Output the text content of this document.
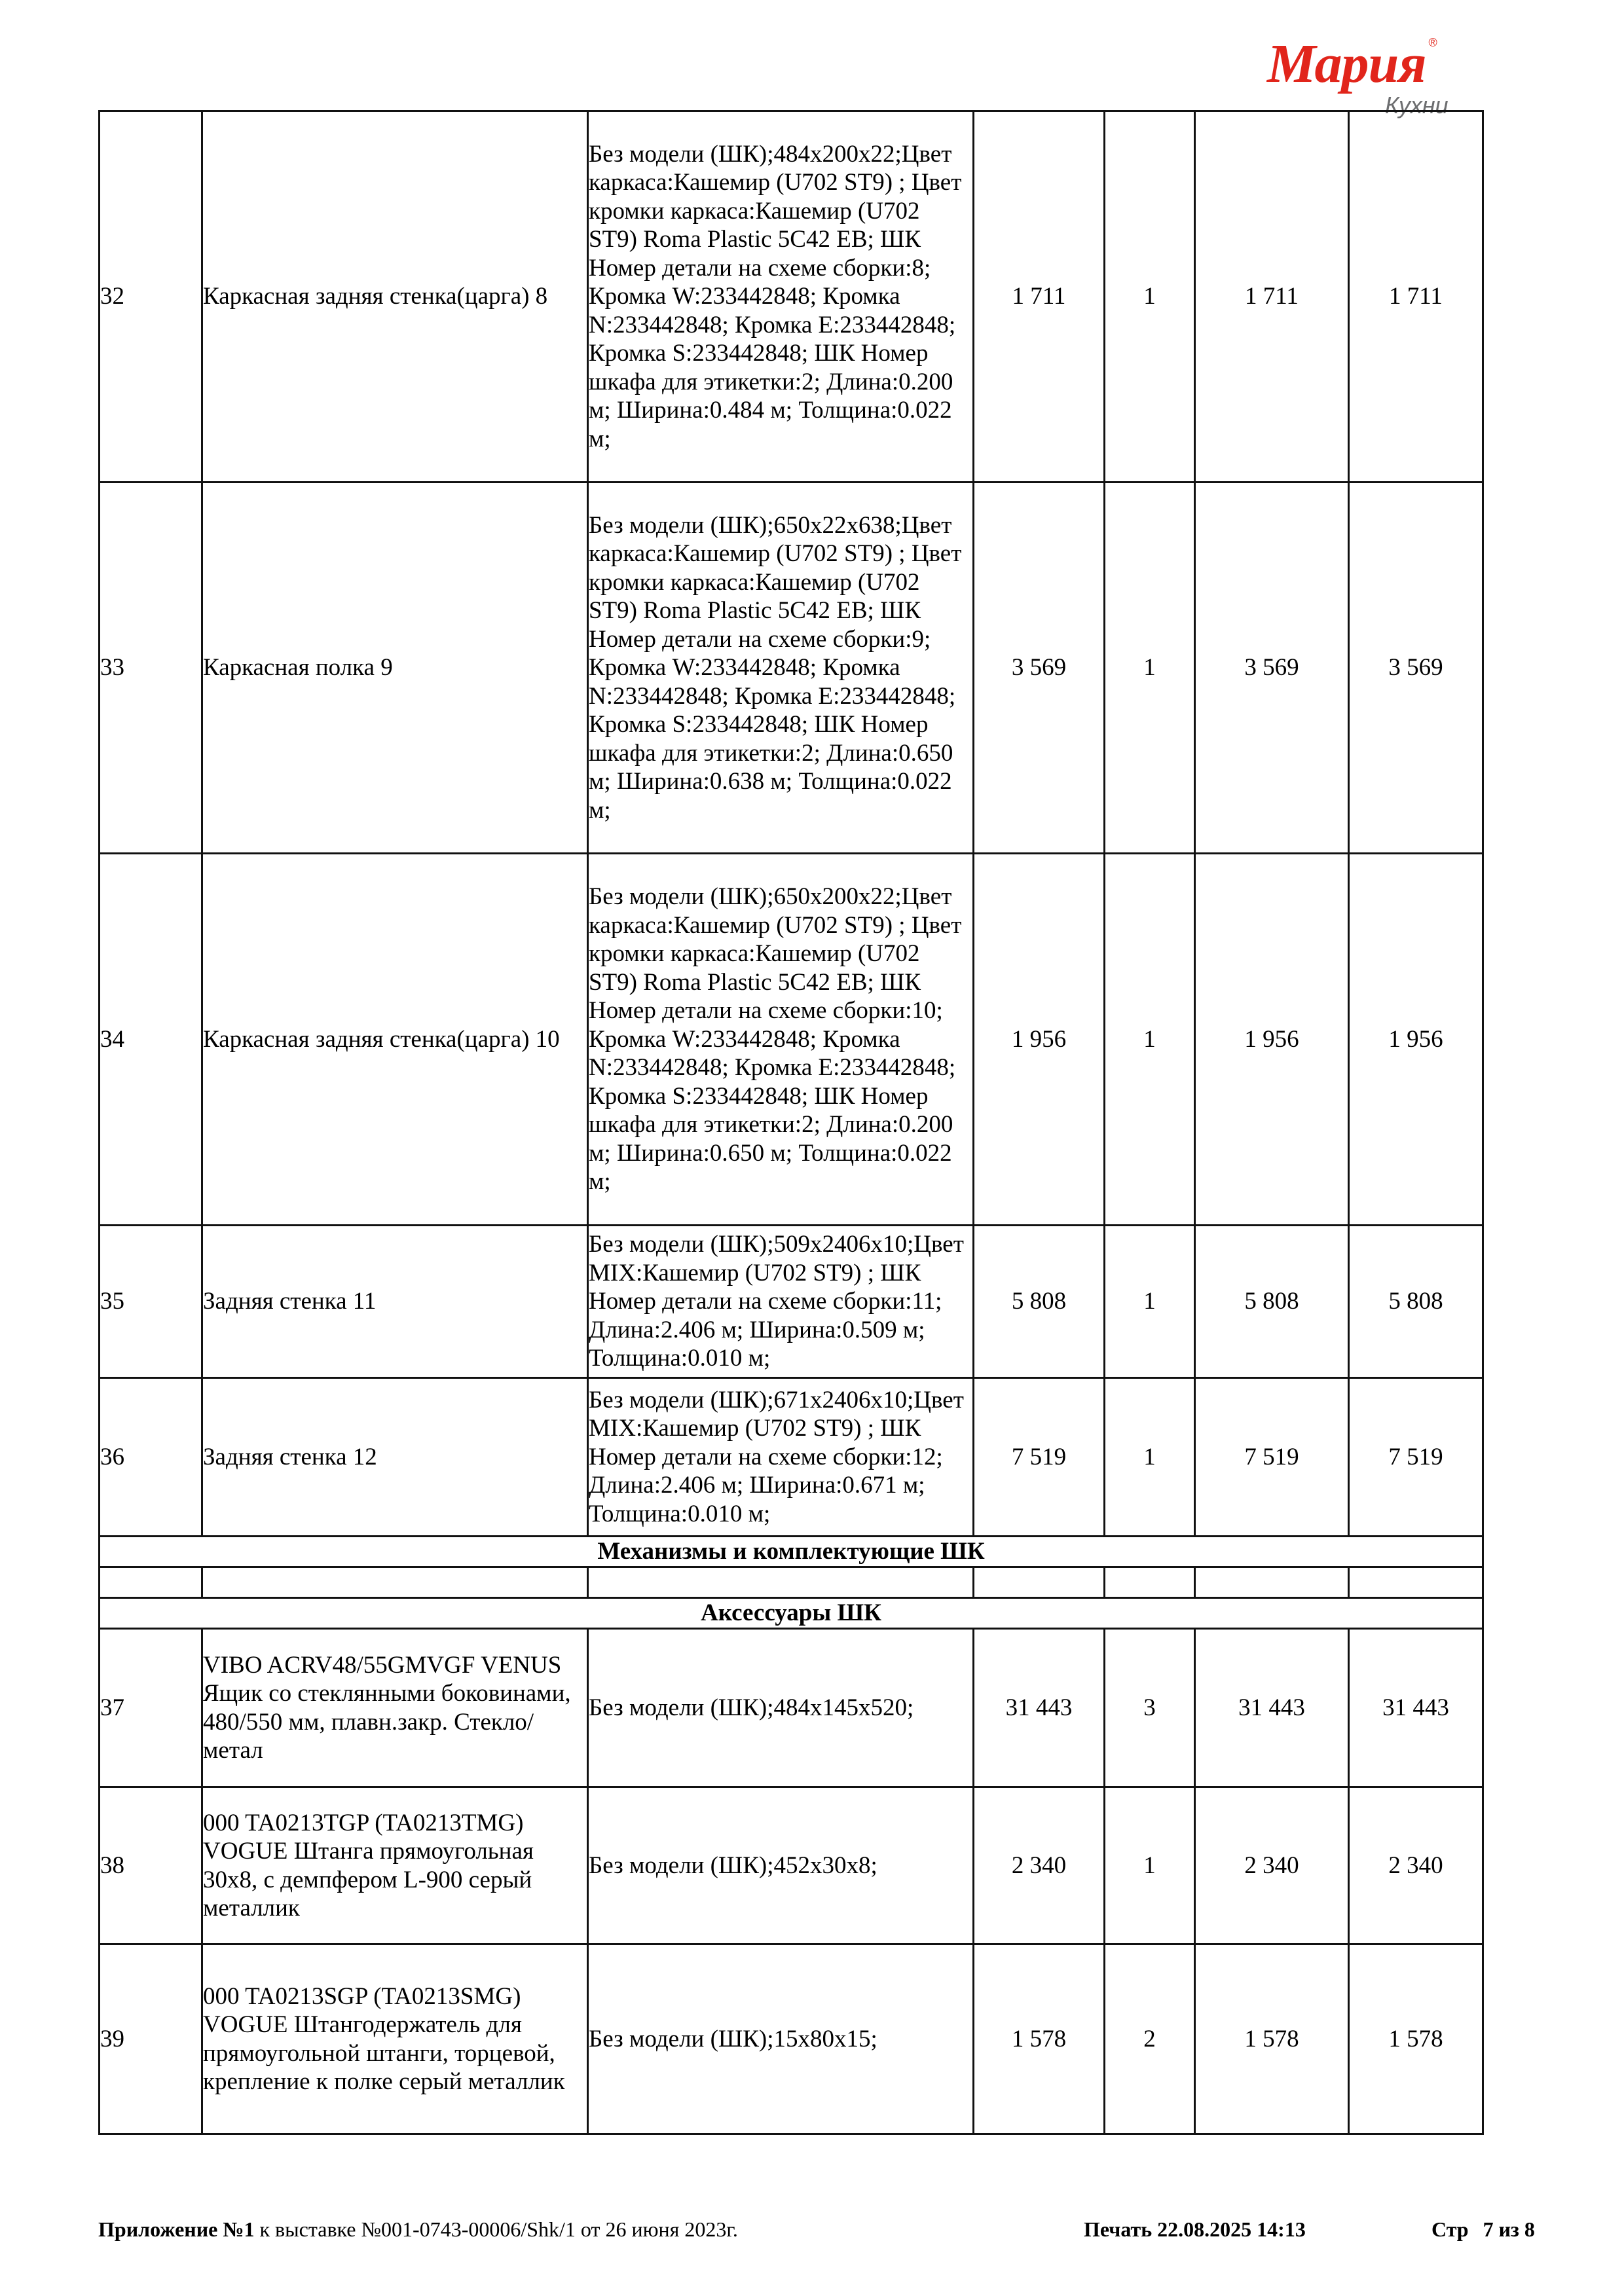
Мария ®
Кухни
32	Каркасная задняя стенка(царга) 8	Без модели (ШК);484x200x22;Цвет каркаса:Кашемир (U702 ST9) ; Цвет кромки каркаса:Кашемир (U702 ST9) Roma Plastic 5C42 EB; ШК Номер детали на схеме сборки:8; Кромка W:233442848; Кромка N:233442848; Кромка E:233442848; Кромка S:233442848; ШК Номер шкафа для этикетки:2; Длина:0.200 м; Ширина:0.484 м; Толщина:0.022 м;	1 711	1	1 711	1 711
33	Каркасная полка 9	Без модели (ШК);650x22x638;Цвет каркаса:Кашемир (U702 ST9) ; Цвет кромки каркаса:Кашемир (U702 ST9) Roma Plastic 5C42 EB; ШК Номер детали на схеме сборки:9; Кромка W:233442848; Кромка N:233442848; Кромка E:233442848; Кромка S:233442848; ШК Номер шкафа для этикетки:2; Длина:0.650 м; Ширина:0.638 м; Толщина:0.022 м;	3 569	1	3 569	3 569
34	Каркасная задняя стенка(царга) 10	Без модели (ШК);650x200x22;Цвет каркаса:Кашемир (U702 ST9) ; Цвет кромки каркаса:Кашемир (U702 ST9) Roma Plastic 5C42 EB; ШК Номер детали на схеме сборки:10; Кромка W:233442848; Кромка N:233442848; Кромка E:233442848; Кромка S:233442848; ШК Номер шкафа для этикетки:2; Длина:0.200 м; Ширина:0.650 м; Толщина:0.022 м;	1 956	1	1 956	1 956
35	Задняя стенка 11	Без модели (ШК);509x2406x10;Цвет MIX:Кашемир (U702 ST9) ; ШК Номер детали на схеме сборки:11; Длина:2.406 м; Ширина:0.509 м; Толщина:0.010 м;	5 808	1	5 808	5 808
36	Задняя стенка 12	Без модели (ШК);671x2406x10;Цвет MIX:Кашемир (U702 ST9) ; ШК Номер детали на схеме сборки:12; Длина:2.406 м; Ширина:0.671 м; Толщина:0.010 м;	7 519	1	7 519	7 519
Механизмы и комплектующие ШК						

Аксессуары ШК						
37	VIBO ACRV48/55GMVGF VENUS Ящик со стеклянными боковинами, 480/550 мм, плавн.закр. Стекло/метал	Без модели (ШК);484x145x520;	31 443	3	31 443	31 443
38	000 TA0213TGP (TA0213TMG) VOGUE Штанга прямоугольная 30x8, с демпфером L-900 серый металлик	Без модели (ШК);452x30x8;	2 340	1	2 340	2 340
39	000 TA0213SGP (TA0213SMG) VOGUE Штангодержатель для прямоугольной штанги, торцевой, крепление к полке серый металлик	Без модели (ШК);15x80x15;	1 578	2	1 578	1 578
Приложение №1 к выставке №001-0743-00006/Shk/1 от 26 июня 2023г.	Печать 22.08.2025 14:13	Стр 7 из 8
